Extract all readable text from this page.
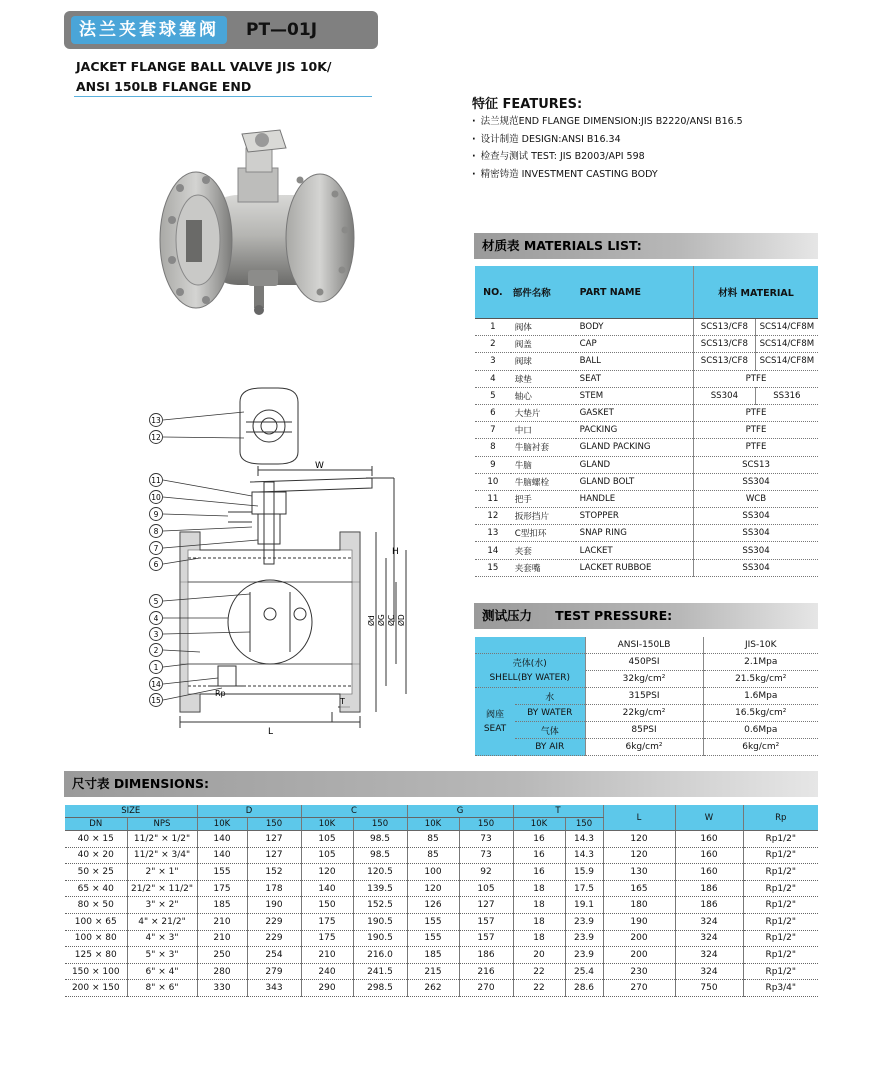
法兰夹套球塞阀	PT—01J
JACKET FLANGE BALL VALVE JIS 10K/
ANSI 150LB FLANGE END
13
12
11
10
9
8
7
6
5
4
3
2
1
14
15
W
H
L
T
Rp
Ød ØG ØC ØD
特征 FEATURES:
· 法兰规范END FLANGE DIMENSION:JIS B2220/ANSI B16.5
· 设计制造 DESIGN:ANSI B16.34
· 检查与测试 TEST: JIS B2003/API 598
· 精密铸造 INVESTMENT CASTING BODY
材质表 MATERIALS LIST:
NO.	部件名称	PART NAME	材料 MATERIAL	
1	阀体	BODY	SCS13/CF8	SCS14/CF8M
2	阀盖	CAP	SCS13/CF8	SCS14/CF8M
3	阀球	BALL	SCS13/CF8	SCS14/CF8M
4	球垫	SEAT	PTFE	
5	轴心	STEM	SS304	SS316
6	大垫片	GASKET	PTFE	
7	中口	PACKING	PTFE	
8	牛脑衬套	GLAND PACKING	PTFE	
9	牛脑	GLAND	SCS13	
10	牛脑螺栓	GLAND BOLT	SS304	
11	把手	HANDLE	WCB	
12	扳形挡片	STOPPER	SS304	
13	C型扣环	SNAP RING	SS304	
14	夹套	LACKET	SS304	
15	夹套嘴	LACKET RUBBOE	SS304	
测试压力 TEST PRESSURE:
		ANSI-150LB	JIS-10K

壳体(水)
SHELL(BY WATER)		450PSI	2.1Mpa
		32kg/cm²	21.5kg/cm²

阀座
SEAT	水	315PSI	1.6Mpa
	BY WATER	22kg/cm²	16.5kg/cm²
	气体	85PSI	0.6Mpa
	BY AIR	6kg/cm²	6kg/cm²
尺寸表 DIMENSIONS:
SIZE		D		C		G		T		L	W	Rp
DN	NPS	10K	150	10K	150	10K	150	10K	150			
40 × 15	11/2" × 1/2"	140	127	105	98.5	85	73	16	14.3	120	160	Rp1/2"
40 × 20	11/2" × 3/4"	140	127	105	98.5	85	73	16	14.3	120	160	Rp1/2"
50 × 25	2" × 1"	155	152	120	120.5	100	92	16	15.9	130	160	Rp1/2"
65 × 40	21/2" × 11/2"	175	178	140	139.5	120	105	18	17.5	165	186	Rp1/2"
80 × 50	3" × 2"	185	190	150	152.5	126	127	18	19.1	180	186	Rp1/2"
100 × 65	4" × 21/2"	210	229	175	190.5	155	157	18	23.9	190	324	Rp1/2"
100 × 80	4" × 3"	210	229	175	190.5	155	157	18	23.9	200	324	Rp1/2"
125 × 80	5" × 3"	250	254	210	216.0	185	186	20	23.9	200	324	Rp1/2"
150 × 100	6" × 4"	280	279	240	241.5	215	216	22	25.4	230	324	Rp1/2"
200 × 150	8" × 6"	330	343	290	298.5	262	270	22	28.6	270	750	Rp3/4"
